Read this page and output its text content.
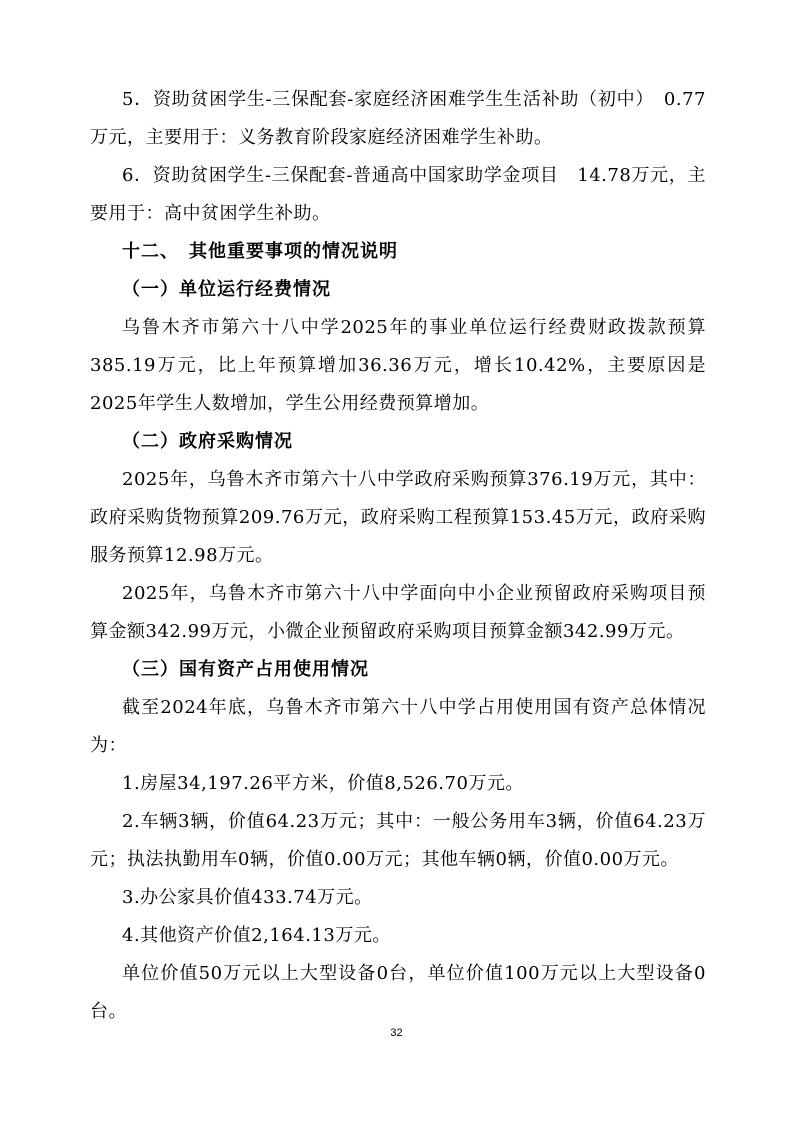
5．资助贫困学生-三保配套-家庭经济困难学生生活补助（初中）　0.77万元，主要用于：义务教育阶段家庭经济困难学生补助。

6．资助贫困学生-三保配套-普通高中国家助学金项目　14.78万元，主要用于：高中贫困学生补助。

十二、　其他重要事项的情况说明

（一）单位运行经费情况

乌鲁木齐市第六十八中学2025年的事业单位运行经费财政拨款预算385.19万元，比上年预算增加36.36万元，增长10.42%，主要原因是2025年学生人数增加，学生公用经费预算增加。

（二）政府采购情况

2025年，乌鲁木齐市第六十八中学政府采购预算376.19万元，其中：政府采购货物预算209.76万元，政府采购工程预算153.45万元，政府采购服务预算12.98万元。

2025年，乌鲁木齐市第六十八中学面向中小企业预留政府采购项目预算金额342.99万元，小微企业预留政府采购项目预算金额342.99万元。

（三）国有资产占用使用情况

截至2024年底，乌鲁木齐市第六十八中学占用使用国有资产总体情况为：

1.房屋34,197.26平方米，价值8,526.70万元。

2.车辆3辆，价值64.23万元；其中：一般公务用车3辆，价值64.23万元；执法执勤用车0辆，价值0.00万元；其他车辆0辆，价值0.00万元。

3.办公家具价值433.74万元。

4.其他资产价值2,164.13万元。

单位价值50万元以上大型设备0台，单位价值100万元以上大型设备0台。

32
